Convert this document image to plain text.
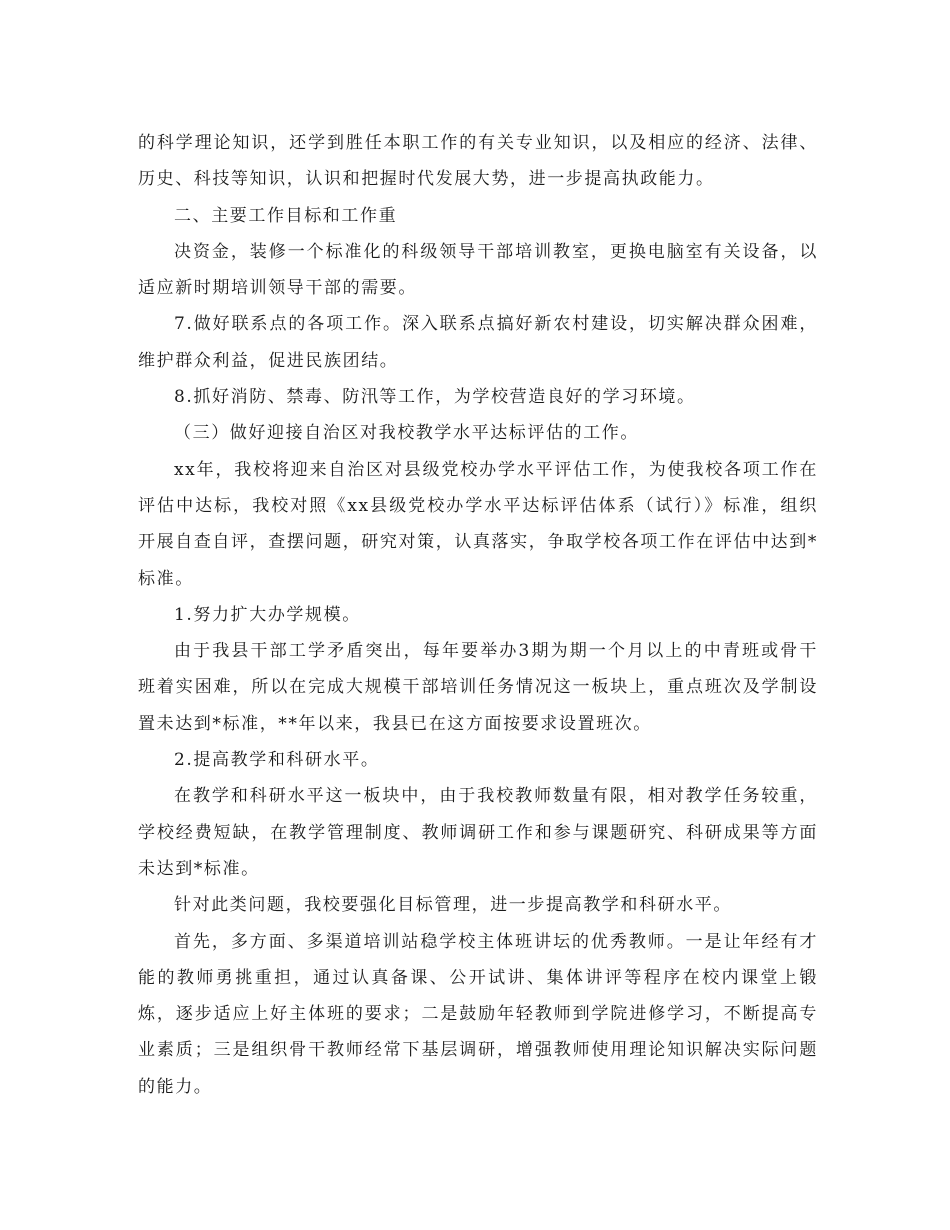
的科学理论知识，还学到胜任本职工作的有关专业知识，以及相应的经济、法律、历史、科技等知识，认识和把握时代发展大势，进一步提高执政能力。

二、主要工作目标和工作重

决资金，装修一个标准化的科级领导干部培训教室，更换电脑室有关设备，以适应新时期培训领导干部的需要。

7.做好联系点的各项工作。深入联系点搞好新农村建设，切实解决群众困难，维护群众利益，促进民族团结。

8.抓好消防、禁毒、防汛等工作，为学校营造良好的学习环境。

（三）做好迎接自治区对我校教学水平达标评估的工作。

xx年，我校将迎来自治区对县级党校办学水平评估工作，为使我校各项工作在评估中达标，我校对照《xx县级党校办学水平达标评估体系（试行）》标准，组织开展自查自评，查摆问题，研究对策，认真落实，争取学校各项工作在评估中达到*标准。

1.努力扩大办学规模。

由于我县干部工学矛盾突出，每年要举办3期为期一个月以上的中青班或骨干班着实困难，所以在完成大规模干部培训任务情况这一板块上，重点班次及学制设置未达到*标准，**年以来，我县已在这方面按要求设置班次。

2.提高教学和科研水平。

在教学和科研水平这一板块中，由于我校教师数量有限，相对教学任务较重，学校经费短缺，在教学管理制度、教师调研工作和参与课题研究、科研成果等方面未达到*标准。

针对此类问题，我校要强化目标管理，进一步提高教学和科研水平。

首先，多方面、多渠道培训站稳学校主体班讲坛的优秀教师。一是让年经有才能的教师勇挑重担，通过认真备课、公开试讲、集体讲评等程序在校内课堂上锻炼，逐步适应上好主体班的要求；二是鼓励年轻教师到学院进修学习，不断提高专业素质；三是组织骨干教师经常下基层调研，增强教师使用理论知识解决实际问题的能力。
